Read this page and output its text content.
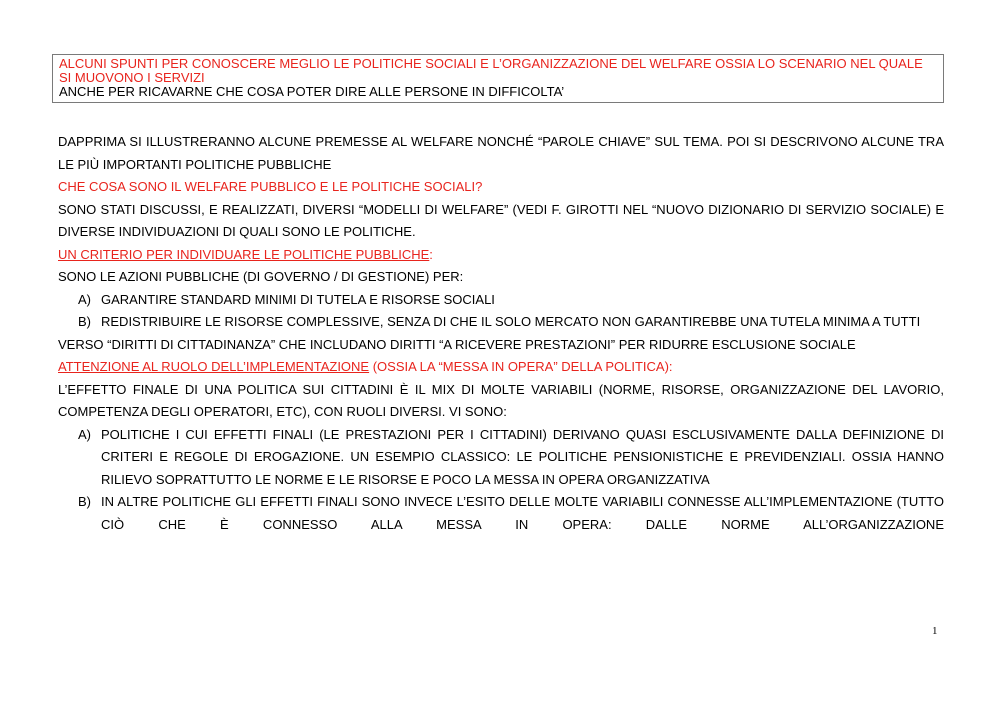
ALCUNI SPUNTI PER CONOSCERE MEGLIO LE POLITICHE SOCIALI E L’ORGANIZZAZIONE DEL WELFARE OSSIA LO SCENARIO NEL QUALE SI MUOVONO I SERVIZI
ANCHE PER RICAVARNE CHE COSA POTER DIRE ALLE PERSONE IN DIFFICOLTA’

DAPPRIMA SI ILLUSTRERANNO ALCUNE PREMESSE AL WELFARE NONCHÉ “PAROLE CHIAVE” SUL TEMA. POI SI DESCRIVONO ALCUNE TRA LE PIÙ IMPORTANTI POLITICHE PUBBLICHE

CHE COSA SONO IL WELFARE PUBBLICO E LE POLITICHE SOCIALI?

SONO STATI DISCUSSI, E REALIZZATI, DIVERSI “MODELLI DI WELFARE” (VEDI F. GIROTTI NEL “NUOVO DIZIONARIO DI SERVIZIO SOCIALE) E DIVERSE INDIVIDUAZIONI DI QUALI SONO LE POLITICHE.

UN CRITERIO PER INDIVIDUARE LE POLITICHE PUBBLICHE:

SONO LE AZIONI PUBBLICHE (DI GOVERNO / DI GESTIONE) PER:

A) GARANTIRE STANDARD MINIMI DI TUTELA E RISORSE SOCIALI
B) REDISTRIBUIRE LE RISORSE COMPLESSIVE, SENZA DI CHE IL SOLO MERCATO NON GARANTIREBBE UNA TUTELA MINIMA A TUTTI

VERSO “DIRITTI DI CITTADINANZA” CHE INCLUDANO DIRITTI “A RICEVERE PRESTAZIONI” PER RIDURRE ESCLUSIONE SOCIALE

ATTENZIONE AL RUOLO DELL’IMPLEMENTAZIONE (OSSIA LA “MESSA IN OPERA” DELLA POLITICA):

L’EFFETTO FINALE DI UNA POLITICA SUI CITTADINI È IL MIX DI MOLTE VARIABILI (NORME, RISORSE, ORGANIZZAZIONE DEL LAVORIO, COMPETENZA DEGLI OPERATORI, ETC), CON RUOLI DIVERSI. VI SONO:

A) POLITICHE I CUI EFFETTI FINALI (LE PRESTAZIONI PER I CITTADINI) DERIVANO QUASI ESCLUSIVAMENTE DALLA DEFINIZIONE DI CRITERI E REGOLE DI EROGAZIONE. UN ESEMPIO CLASSICO: LE POLITICHE PENSIONISTICHE E PREVIDENZIALI. OSSIA HANNO RILIEVO SOPRATTUTTO LE NORME E LE RISORSE E POCO LA MESSA IN OPERA ORGANIZZATIVA
B) IN ALTRE POLITICHE GLI EFFETTI FINALI SONO INVECE L’ESITO DELLE MOLTE VARIABILI CONNESSE ALL’IMPLEMENTAZIONE (TUTTO CIÒ CHE È CONNESSO ALLA MESSA IN OPERA: DALLE NORME ALL’ORGANIZZAZIONE
1
